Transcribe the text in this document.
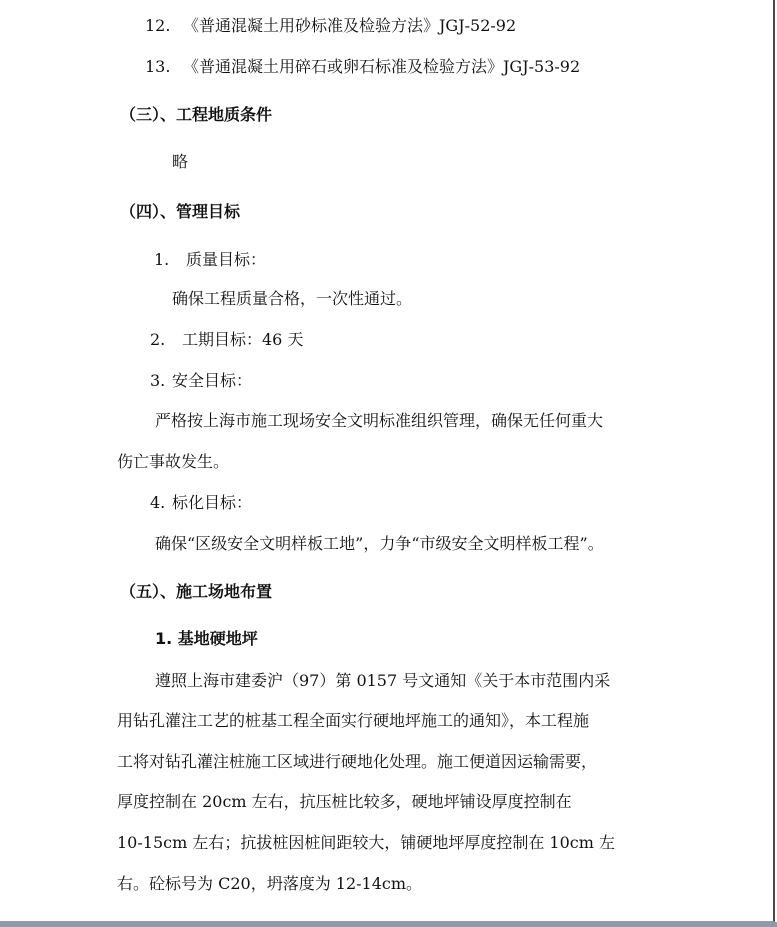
12. 《普通混凝土用砂标准及检验方法》JGJ-52-92
13. 《普通混凝土用碎石或卵石标准及检验方法》JGJ-53-92
（三）、工程地质条件
略
（四）、管理目标
1. 质量目标：
确保工程质量合格，一次性通过。
2. 工期目标：46 天
3. 安全目标：
严格按上海市施工现场安全文明标准组织管理，确保无任何重大
伤亡事故发生。
4. 标化目标：
确保“区级安全文明样板工地”，力争“市级安全文明样板工程”。
（五）、施工场地布置
1. 基地硬地坪
遵照上海市建委沪（97）第 0157 号文通知《关于本市范围内采
用钻孔灌注工艺的桩基工程全面实行硬地坪施工的通知》，本工程施
工将对钻孔灌注桩施工区域进行硬地化处理。施工便道因运输需要，
厚度控制在 20cm 左右，抗压桩比较多，硬地坪铺设厚度控制在
10-15cm 左右；抗拔桩因桩间距较大，铺硬地坪厚度控制在 10cm 左
右。砼标号为 C20，坍落度为 12-14cm。
